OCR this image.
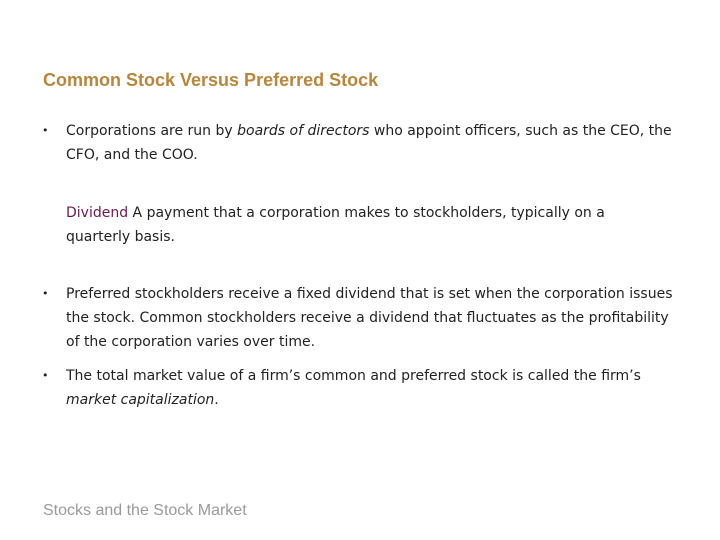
Common Stock Versus Preferred Stock
•	Corporations are run by boards of directors who appoint officers, such as the CEO, the CFO, and the COO.
Dividend A payment that a corporation makes to stockholders, typically on a quarterly basis.
•	Preferred stockholders receive a fixed dividend that is set when the corporation issues the stock. Common stockholders receive a dividend that fluctuates as the profitability of the corporation varies over time.
•	The total market value of a firm’s common and preferred stock is called the firm’s market capitalization.
Stocks and the Stock Market
